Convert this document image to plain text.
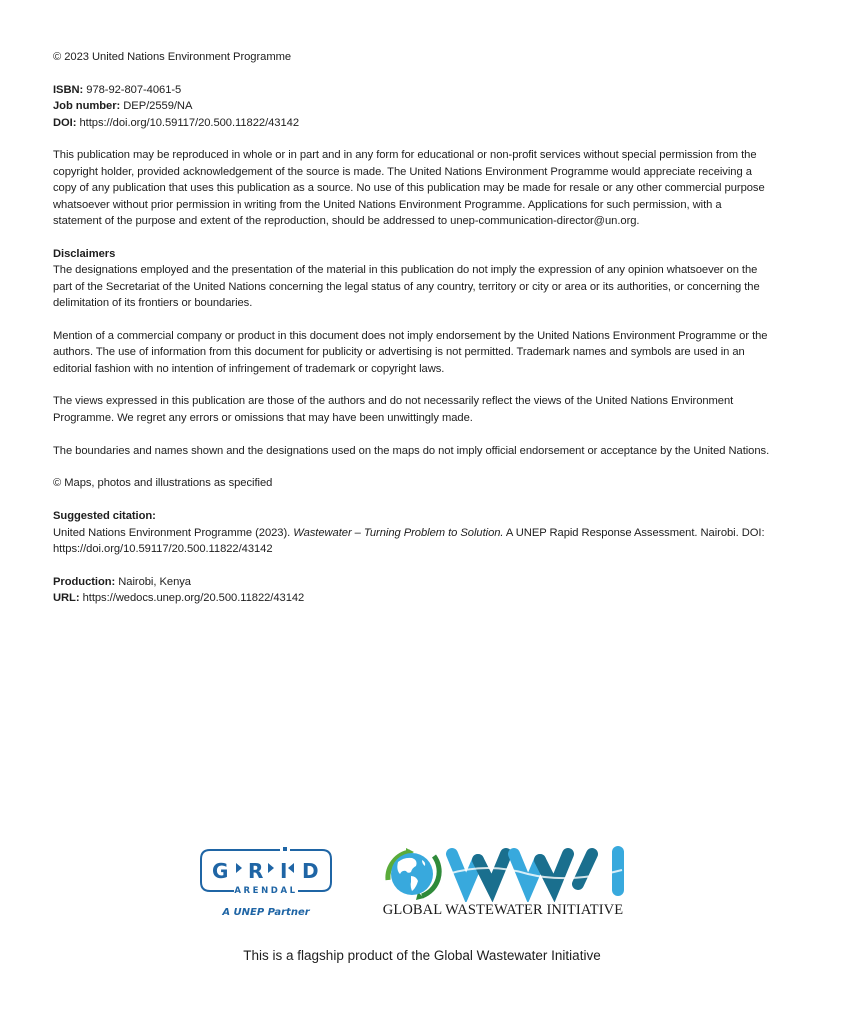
© 2023 United Nations Environment Programme

ISBN: 978-92-807-4061-5
Job number: DEP/2559/NA
DOI: https://doi.org/10.59117/20.500.11822/43142

This publication may be reproduced in whole or in part and in any form for educational or non-profit services without special permission from the copyright holder, provided acknowledgement of the source is made. The United Nations Environment Programme would appreciate receiving a copy of any publication that uses this publication as a source. No use of this publication may be made for resale or any other commercial purpose whatsoever without prior permission in writing from the United Nations Environment Programme. Applications for such permission, with a statement of the purpose and extent of the reproduction, should be addressed to unep-communication-director@un.org.

Disclaimers

The designations employed and the presentation of the material in this publication do not imply the expression of any opinion whatsoever on the part of the Secretariat of the United Nations concerning the legal status of any country, territory or city or area or its authorities, or concerning the delimitation of its frontiers or boundaries.

Mention of a commercial company or product in this document does not imply endorsement by the United Nations Environment Programme or the authors. The use of information from this document for publicity or advertising is not permitted. Trademark names and symbols are used in an editorial fashion with no intention of infringement of trademark or copyright laws.

The views expressed in this publication are those of the authors and do not necessarily reflect the views of the United Nations Environment Programme. We regret any errors or omissions that may have been unwittingly made.

The boundaries and names shown and the designations used on the maps do not imply official endorsement or acceptance by the United Nations.

© Maps, photos and illustrations as specified

Suggested citation:

United Nations Environment Programme (2023). Wastewater – Turning Problem to Solution. A UNEP Rapid Response Assessment. Nairobi. DOI: https://doi.org/10.59117/20.500.11822/43142

Production: Nairobi, Kenya
URL: https://wedocs.unep.org/20.500.11822/43142

G R I D
ARENDAL
A UNEP Partner	GLOBAL WASTEWATER INITIATIVE
This is a flagship product of the Global Wastewater Initiative
